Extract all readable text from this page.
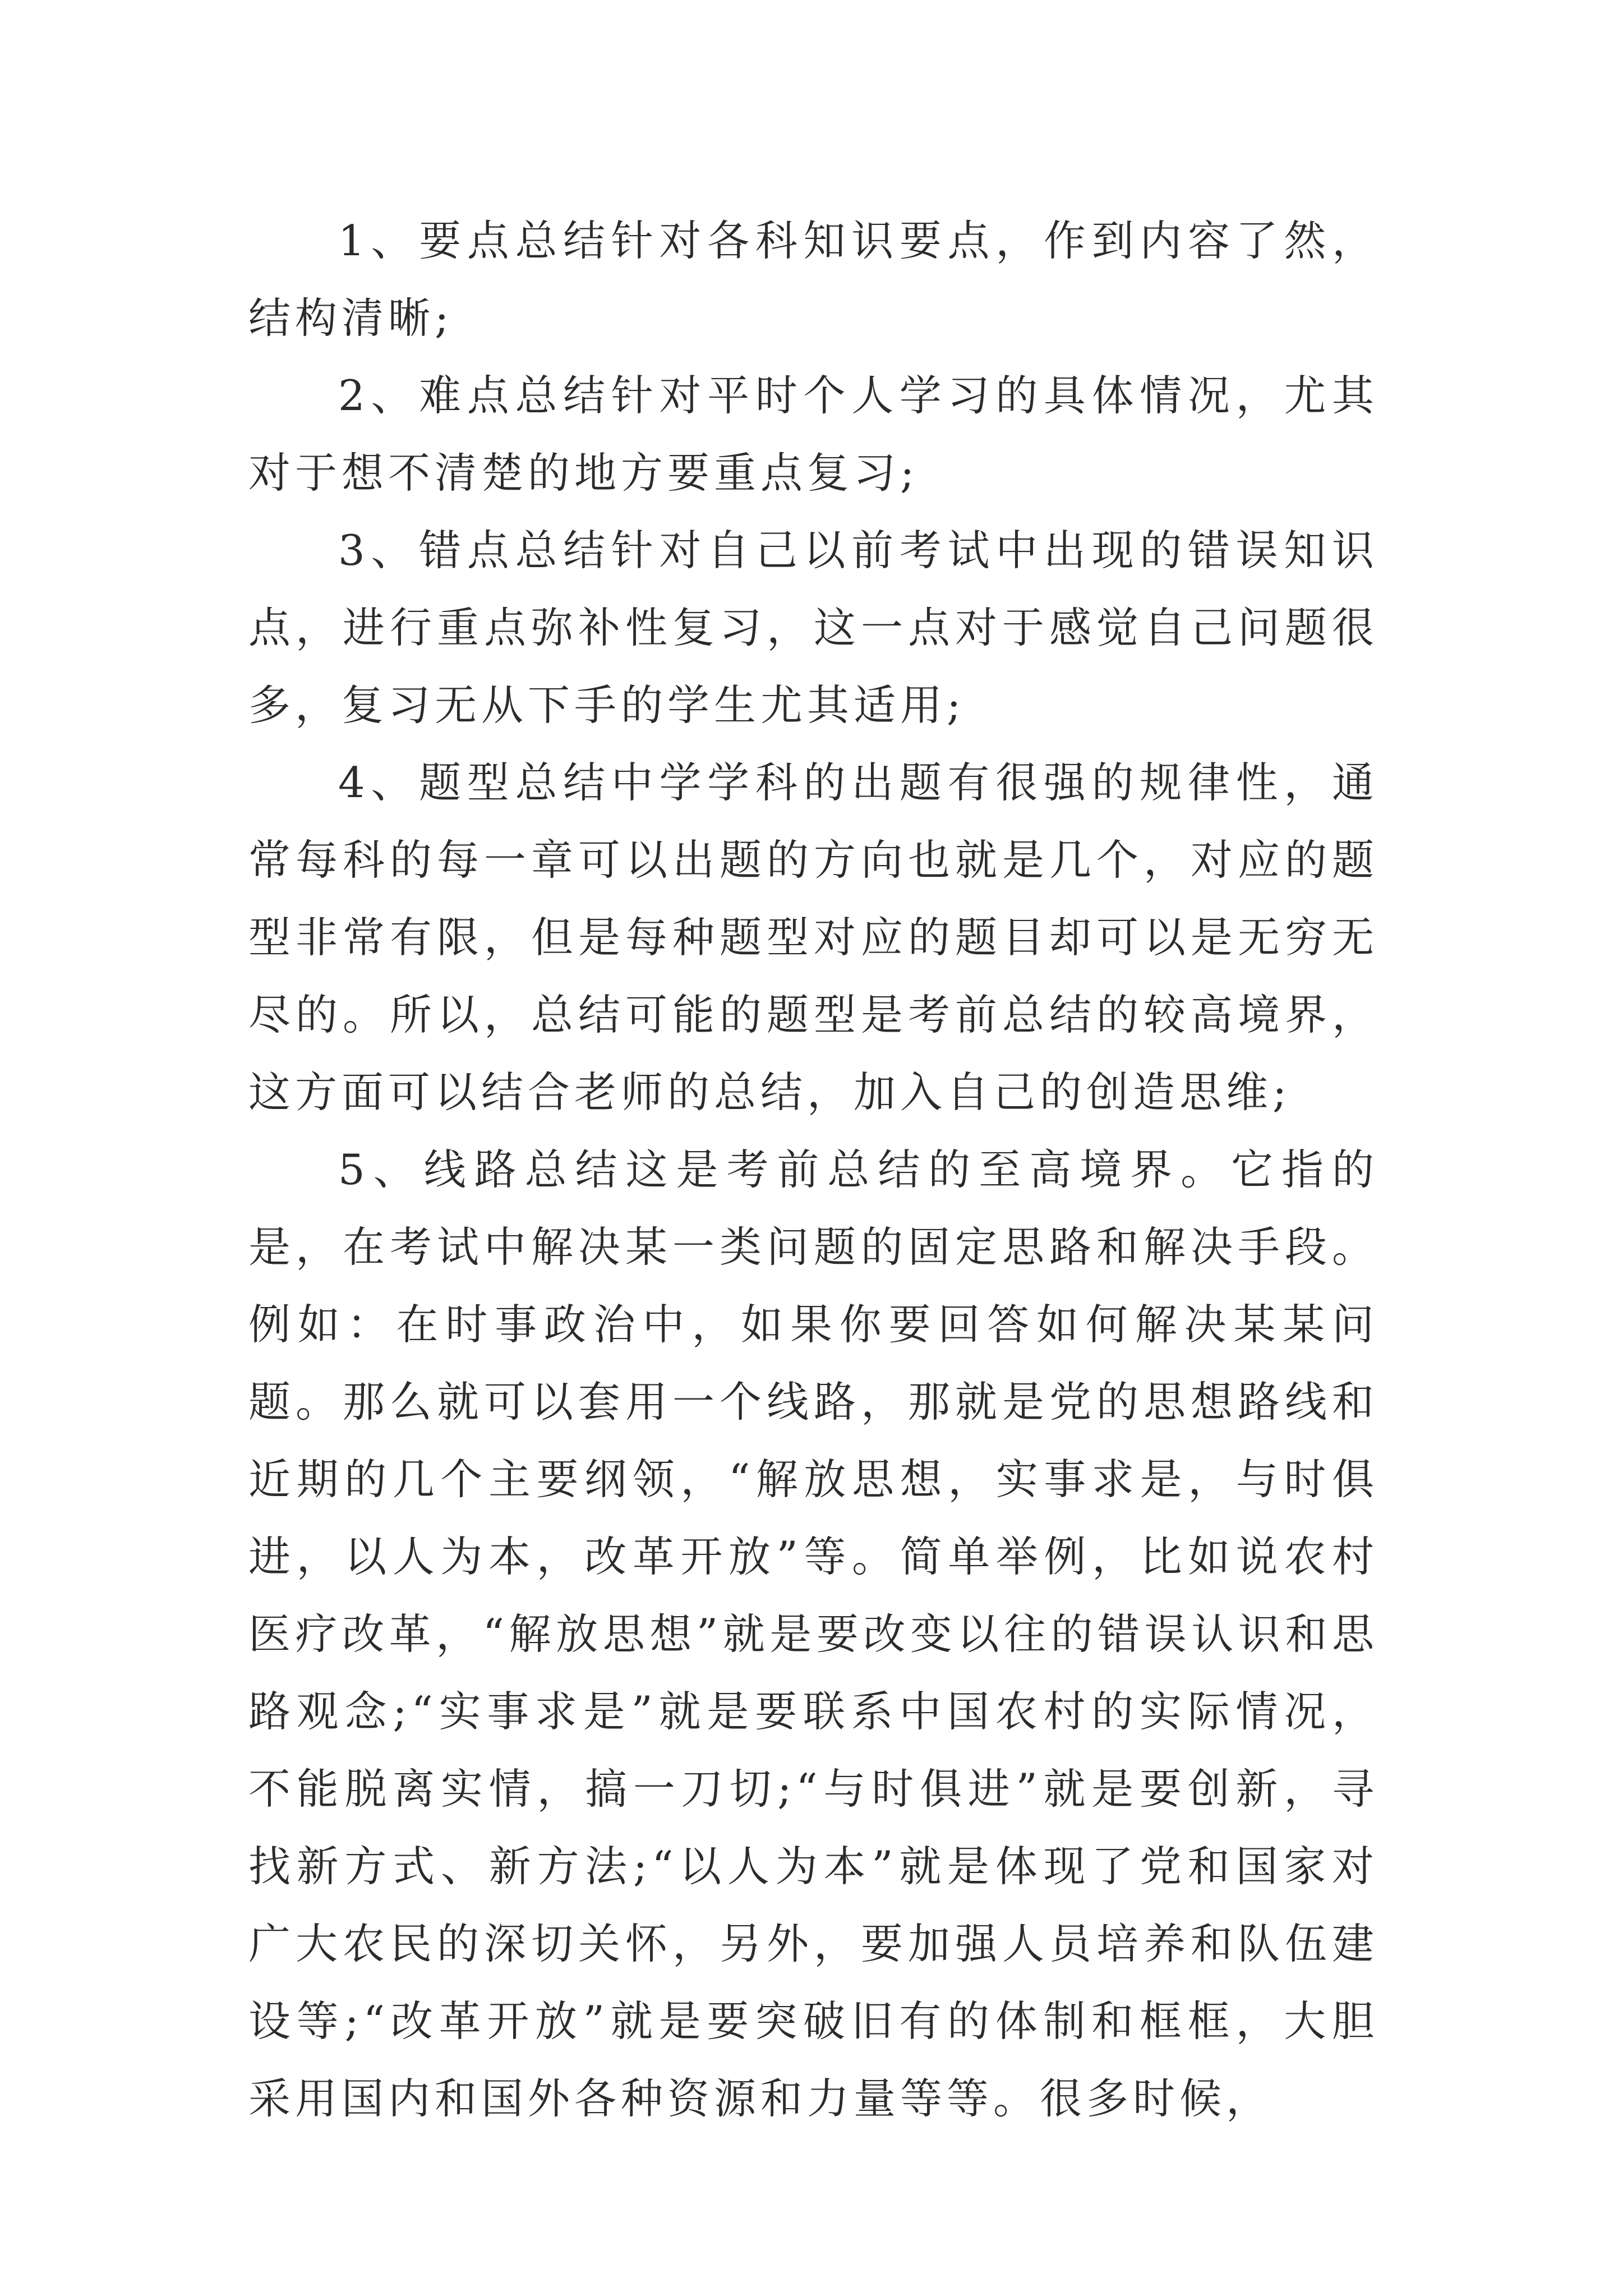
1、要点总结针对各科知识要点，作到内容了然，结构清晰;

2、难点总结针对平时个人学习的具体情况，尤其对于想不清楚的地方要重点复习;

3、错点总结针对自己以前考试中出现的错误知识点，进行重点弥补性复习，这一点对于感觉自己问题很多，复习无从下手的学生尤其适用;

4、题型总结中学学科的出题有很强的规律性，通常每科的每一章可以出题的方向也就是几个，对应的题型非常有限，但是每种题型对应的题目却可以是无穷无尽的。所以，总结可能的题型是考前总结的较高境界，这方面可以结合老师的总结，加入自己的创造思维;

5、线路总结这是考前总结的至高境界。它指的是，在考试中解决某一类问题的固定思路和解决手段。例如：在时事政治中，如果你要回答如何解决某某问题。那么就可以套用一个线路，那就是党的思想路线和近期的几个主要纲领，“解放思想，实事求是，与时俱进，以人为本，改革开放”等。简单举例，比如说农村医疗改革，“解放思想”就是要改变以往的错误认识和思路观念;“实事求是”就是要联系中国农村的实际情况，不能脱离实情，搞一刀切;“与时俱进”就是要创新，寻找新方式、新方法;“以人为本”就是体现了党和国家对广大农民的深切关怀，另外，要加强人员培养和队伍建设等;“改革开放”就是要突破旧有的体制和框框，大胆采用国内和国外各种资源和力量等等。很多时候，
